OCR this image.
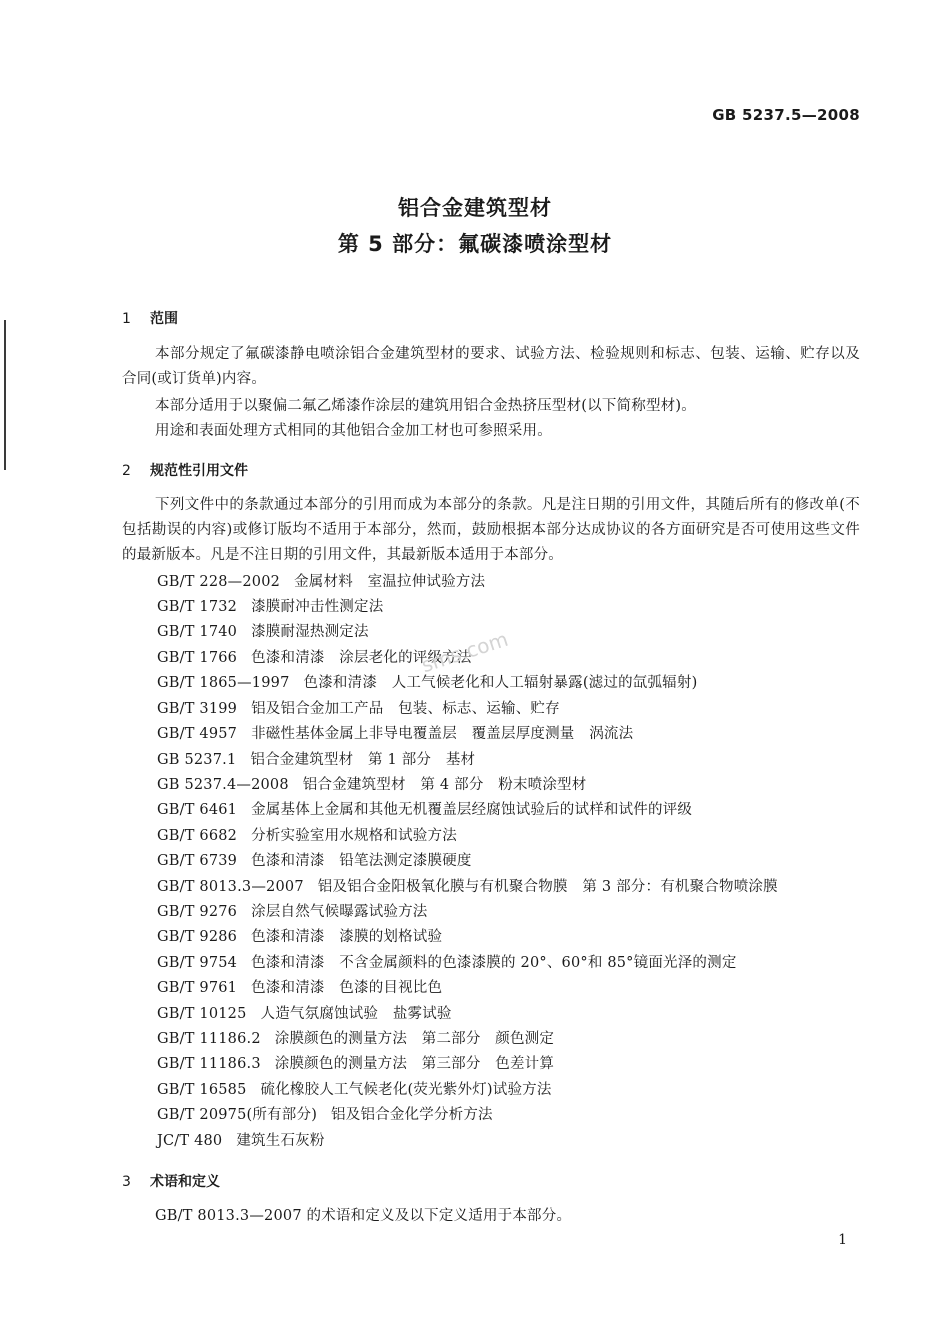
GB 5237.5—2008
铝合金建筑型材
第 5 部分：氟碳漆喷涂型材
1 范围
本部分规定了氟碳漆静电喷涂铝合金建筑型材的要求、试验方法、检验规则和标志、包装、运输、贮存以及合同(或订货单)内容。
本部分适用于以聚偏二氟乙烯漆作涂层的建筑用铝合金热挤压型材(以下简称型材)。
用途和表面处理方式相同的其他铝合金加工材也可参照采用。
2 规范性引用文件
下列文件中的条款通过本部分的引用而成为本部分的条款。凡是注日期的引用文件，其随后所有的修改单(不包括勘误的内容)或修订版均不适用于本部分，然而，鼓励根据本部分达成协议的各方面研究是否可使用这些文件的最新版本。凡是不注日期的引用文件，其最新版本适用于本部分。
GB/T 228—2002 金属材料　室温拉伸试验方法
GB/T 1732 漆膜耐冲击性测定法
GB/T 1740 漆膜耐湿热测定法
GB/T 1766 色漆和清漆　涂层老化的评级方法
GB/T 1865—1997 色漆和清漆　人工气候老化和人工辐射暴露(滤过的氙弧辐射)
GB/T 3199 铝及铝合金加工产品　包装、标志、运输、贮存
GB/T 4957 非磁性基体金属上非导电覆盖层　覆盖层厚度测量　涡流法
GB 5237.1 铝合金建筑型材　第 1 部分　基材
GB 5237.4—2008 铝合金建筑型材　第 4 部分　粉末喷涂型材
GB/T 6461 金属基体上金属和其他无机覆盖层经腐蚀试验后的试样和试件的评级
GB/T 6682 分析实验室用水规格和试验方法
GB/T 6739 色漆和清漆　铅笔法测定漆膜硬度
GB/T 8013.3—2007 铝及铝合金阳极氧化膜与有机聚合物膜　第 3 部分：有机聚合物喷涂膜
GB/T 9276 涂层自然气候曝露试验方法
GB/T 9286 色漆和清漆　漆膜的划格试验
GB/T 9754 色漆和清漆　不含金属颜料的色漆漆膜的 20°、60°和 85°镜面光泽的测定
GB/T 9761 色漆和清漆　色漆的目视比色
GB/T 10125 人造气氛腐蚀试验　盐雾试验
GB/T 11186.2 涂膜颜色的测量方法　第二部分　颜色测定
GB/T 11186.3 涂膜颜色的测量方法　第三部分　色差计算
GB/T 16585 硫化橡胶人工气候老化(荧光紫外灯)试验方法
GB/T 20975(所有部分) 铝及铝合金化学分析方法
JC/T 480 建筑生石灰粉
3 术语和定义
GB/T 8013.3—2007 的术语和定义及以下定义适用于本部分。
sms.com
1
